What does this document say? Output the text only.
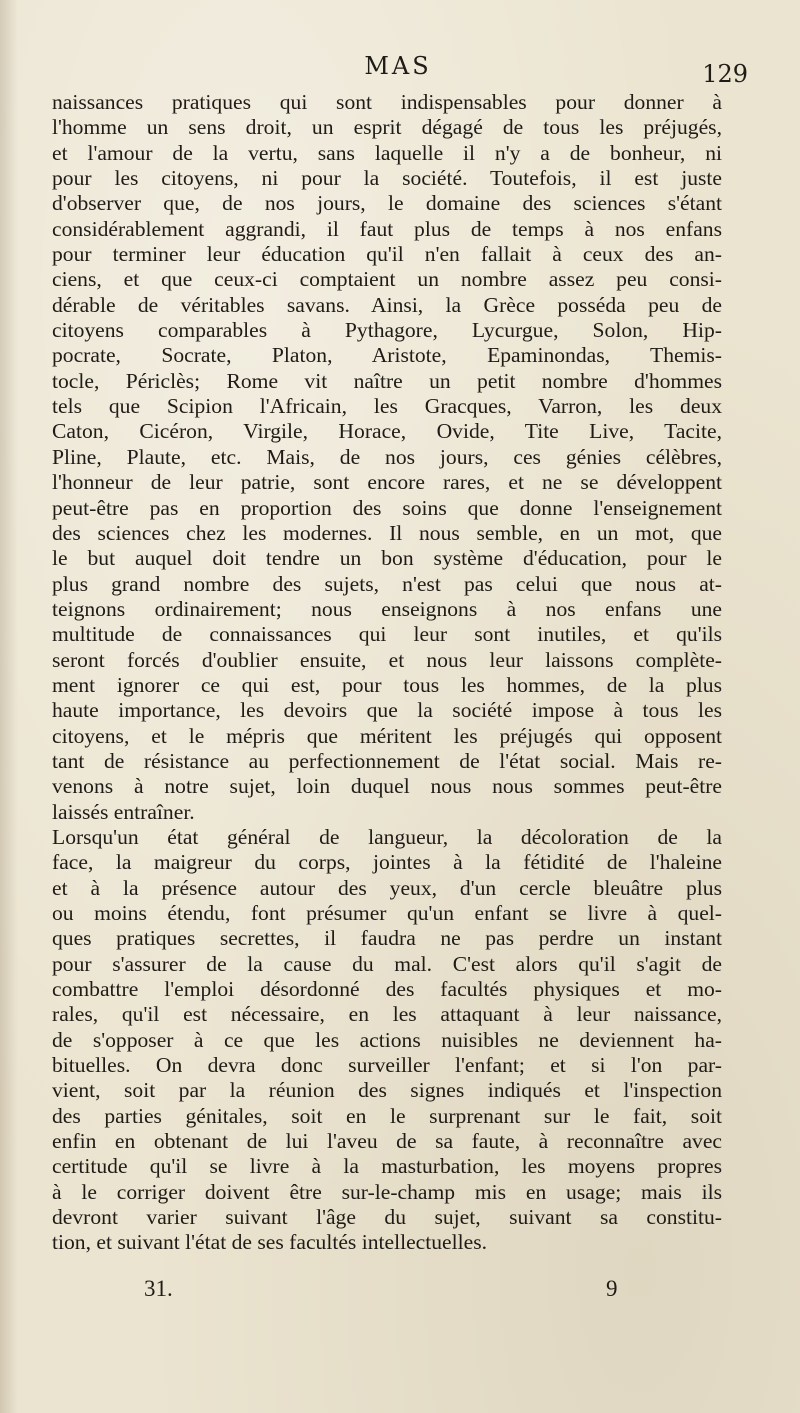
MAS	129
naissances pratiques qui sont indispensables pour donner à
l'homme un sens droit, un esprit dégagé de tous les préjugés,
et l'amour de la vertu, sans laquelle il n'y a de bonheur, ni
pour les citoyens, ni pour la société. Toutefois, il est juste
d'observer que, de nos jours, le domaine des sciences s'étant
considérablement aggrandi, il faut plus de temps à nos enfans
pour terminer leur éducation qu'il n'en fallait à ceux des an-
ciens, et que ceux-ci comptaient un nombre assez peu consi-
dérable de véritables savans. Ainsi, la Grèce posséda peu de
citoyens comparables à Pythagore, Lycurgue, Solon, Hip-
pocrate, Socrate, Platon, Aristote, Epaminondas, Themis-
tocle, Périclès; Rome vit naître un petit nombre d'hommes
tels que Scipion l'Africain, les Gracques, Varron, les deux
Caton, Cicéron, Virgile, Horace, Ovide, Tite Live, Tacite,
Pline, Plaute, etc. Mais, de nos jours, ces génies célèbres,
l'honneur de leur patrie, sont encore rares, et ne se développent
peut-être pas en proportion des soins que donne l'enseignement
des sciences chez les modernes. Il nous semble, en un mot, que
le but auquel doit tendre un bon système d'éducation, pour le
plus grand nombre des sujets, n'est pas celui que nous at-
teignons ordinairement; nous enseignons à nos enfans une
multitude de connaissances qui leur sont inutiles, et qu'ils
seront forcés d'oublier ensuite, et nous leur laissons complète-
ment ignorer ce qui est, pour tous les hommes, de la plus
haute importance, les devoirs que la société impose à tous les
citoyens, et le mépris que méritent les préjugés qui opposent
tant de résistance au perfectionnement de l'état social. Mais re-
venons à notre sujet, loin duquel nous nous sommes peut-être
laissés entraîner.
Lorsqu'un état général de langueur, la décoloration de la
face, la maigreur du corps, jointes à la fétidité de l'haleine
et à la présence autour des yeux, d'un cercle bleuâtre plus
ou moins étendu, font présumer qu'un enfant se livre à quel-
ques pratiques secrettes, il faudra ne pas perdre un instant
pour s'assurer de la cause du mal. C'est alors qu'il s'agit de
combattre l'emploi désordonné des facultés physiques et mo-
rales, qu'il est nécessaire, en les attaquant à leur naissance,
de s'opposer à ce que les actions nuisibles ne deviennent ha-
bituelles. On devra donc surveiller l'enfant; et si l'on par-
vient, soit par la réunion des signes indiqués et l'inspection
des parties génitales, soit en le surprenant sur le fait, soit
enfin en obtenant de lui l'aveu de sa faute, à reconnaître avec
certitude qu'il se livre à la masturbation, les moyens propres
à le corriger doivent être sur-le-champ mis en usage; mais ils
devront varier suivant l'âge du sujet, suivant sa constitu-
tion, et suivant l'état de ses facultés intellectuelles.
31.	9
